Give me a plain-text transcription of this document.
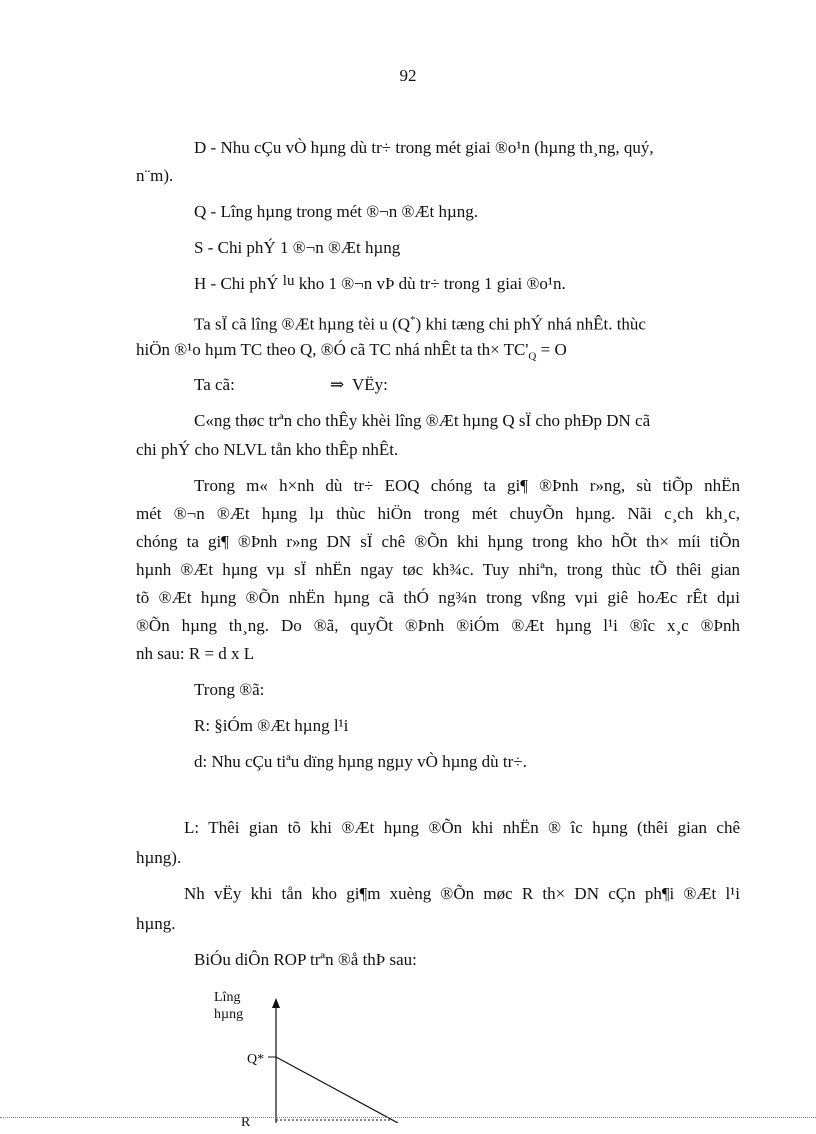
92
D - Nhu cÇu vÒ hµng dù tr÷ trong mét giai ®o¹n (hµng th¸ng, quý,
n¨m).
Q - Lîng hµng trong mét ®¬n ®Æt hµng.
S - Chi phÝ 1 ®¬n ®Æt hµng
H - Chi phÝ lu kho 1 ®¬n vÞ dù tr÷ trong 1 giai ®o¹n.
Ta sÏ cã lîng ®Æt hµng tèi u (Q*) khi tæng chi phÝ nhá nhÊt. thùc
hiÖn ®¹o hµm TC theo Q, ®Ó cã TC nhá nhÊt ta $th\times TC'_Q = O$
Ta cã:	⇒ VËy:
C«ng thøc trªn cho thÊy khèi lîng ®Æt hµng Q sÏ cho phÐp DN cã
chi phÝ cho NLVL tån kho thÊp nhÊt.
Trong m« h×nh dù tr÷ EOQ chóng ta gi¶ ®Þnh r»ng, sù tiÕp nhËn
mét ®¬n ®Æt hµng lµ thùc hiÖn trong mét chuyÕn hµng. Nãi c¸ch kh¸c,
chóng ta gi¶ ®Þnh r»ng DN sÏ chê ®Õn khi hµng trong kho hÕt th× míi tiÕn
hµnh ®Æt hµng vµ sÏ nhËn ngay tøc kh¾c. Tuy nhiªn, trong thùc tÕ thêi gian
tõ ®Æt hµng ®Õn nhËn hµng cã thÓ ng¾n trong vßng vµi giê hoÆc rÊt dµi
®Õn hµng th¸ng. Do ®ã, quyÕt ®Þnh ®iÓm ®Æt hµng l¹i ®îc x¸c ®Þnh
nh sau: R = d x L
Trong ®ã:
R: §iÓm ®Æt hµng l¹i
d: Nhu cÇu tiªu dïng hµng ngµy vÒ hµng dù tr÷.
L: Thêi gian tõ khi ®Æt hµng ®Õn khi nhËn ® îc hµng (thêi gian chê
hµng).
Nh vËy khi tån kho gi¶m xuèng ®Õn møc R th× DN cÇn ph¶i ®Æt l¹i
hµng.
BiÓu diÔn ROP trªn ®å thÞ sau:
Lîng
hµng
Q*
R
